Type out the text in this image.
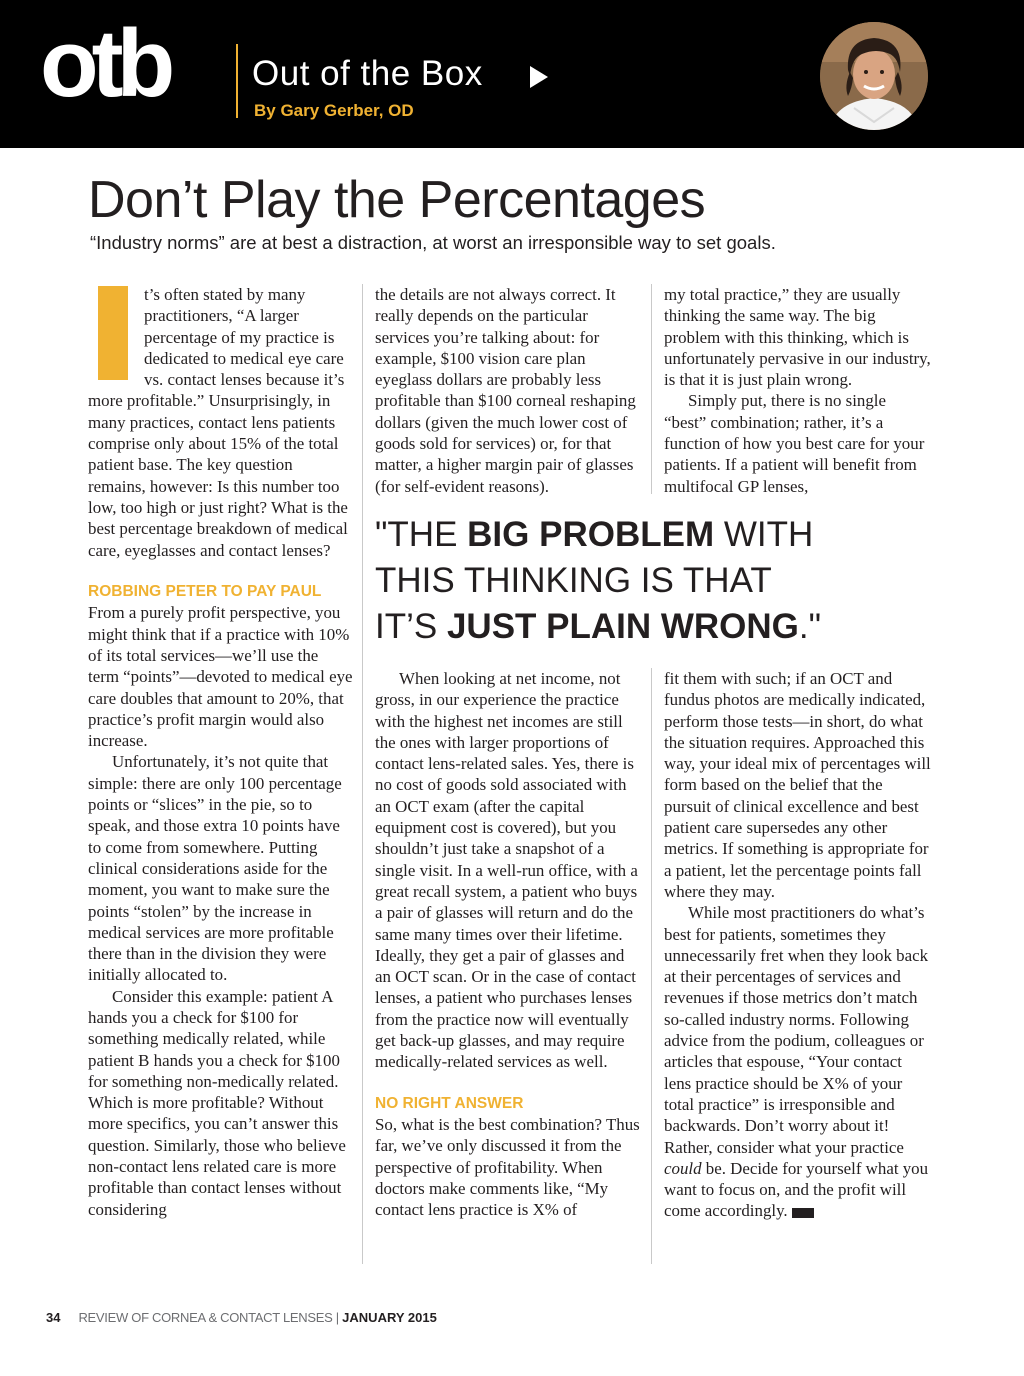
otb Out of the Box
By Gary Gerber, OD
Don’t Play the Percentages
“Industry norms” are at best a distraction, at worst an irresponsible way to set goals.

t’s often stated by many practitioners, “A larger percentage of my practice is dedicated to medical eye care vs. contact lenses because it’s more profitable.” Unsurprisingly, in many practices, contact lens patients comprise only about 15% of the total patient base. The key question remains, however: Is this number too low, too high or just right? What is the best percentage breakdown of medical care, eyeglasses and contact lenses?

ROBBING PETER TO PAY PAUL

From a purely profit perspective, you might think that if a practice with 10% of its total services—we’ll use the term “points”—devoted to medical eye care doubles that amount to 20%, that practice’s profit margin would also increase.

Unfortunately, it’s not quite that simple: there are only 100 percentage points or “slices” in the pie, so to speak, and those extra 10 points have to come from somewhere. Putting clinical considerations aside for the moment, you want to make sure the points “stolen” by the increase in medical services are more profitable there than in the division they were initially allocated to.

Consider this example: patient A hands you a check for $100 for something medically related, while patient B hands you a check for $100 for something non-medically related. Which is more profitable? Without more specifics, you can’t answer this question. Similarly, those who believe non-contact lens related care is more profitable than contact lenses without considering

the details are not always correct. It really depends on the particular services you’re talking about: for example, $100 vision care plan eyeglass dollars are probably less profitable than $100 corneal reshaping dollars (given the much lower cost of goods sold for services) or, for that matter, a higher margin pair of glasses (for self-evident reasons).

my total practice,” they are usually thinking the same way. The big problem with this thinking, which is unfortunately pervasive in our industry, is that it is just plain wrong.

Simply put, there is no single “best” combination; rather, it’s a function of how you best care for your patients. If a patient will benefit from multifocal GP lenses,

"THE BIG PROBLEM WITH
THIS THINKING IS THAT
IT’S JUST PLAIN WRONG."

When looking at net income, not gross, in our experience the practice with the highest net incomes are still the ones with larger proportions of contact lens-related sales. Yes, there is no cost of goods sold associated with an OCT exam (after the capital equipment cost is covered), but you shouldn’t just take a snapshot of a single visit. In a well-run office, with a great recall system, a patient who buys a pair of glasses will return and do the same many times over their lifetime. Ideally, they get a pair of glasses and an OCT scan. Or in the case of contact lenses, a patient who purchases lenses from the practice now will eventually get back-up glasses, and may require medically-related services as well.

NO RIGHT ANSWER

So, what is the best combination? Thus far, we’ve only discussed it from the perspective of profitability. When doctors make comments like, “My contact lens practice is X% of

fit them with such; if an OCT and fundus photos are medically indicated, perform those tests—in short, do what the situation requires. Approached this way, your ideal mix of percentages will form based on the belief that the pursuit of clinical excellence and best patient care supersedes any other metrics. If something is appropriate for a patient, let the percentage points fall where they may.

While most practitioners do what’s best for patients, sometimes they unnecessarily fret when they look back at their percentages of services and revenues if those metrics don’t match so-called industry norms. Following advice from the podium, colleagues or articles that espouse, “Your contact lens practice should be X% of your total practice” is irresponsible and backwards. Don’t worry about it! Rather, consider what your practice could be. Decide for yourself what you want to focus on, and the profit will come accordingly.

34 REVIEW OF CORNEA & CONTACT LENSES | JANUARY 2015
